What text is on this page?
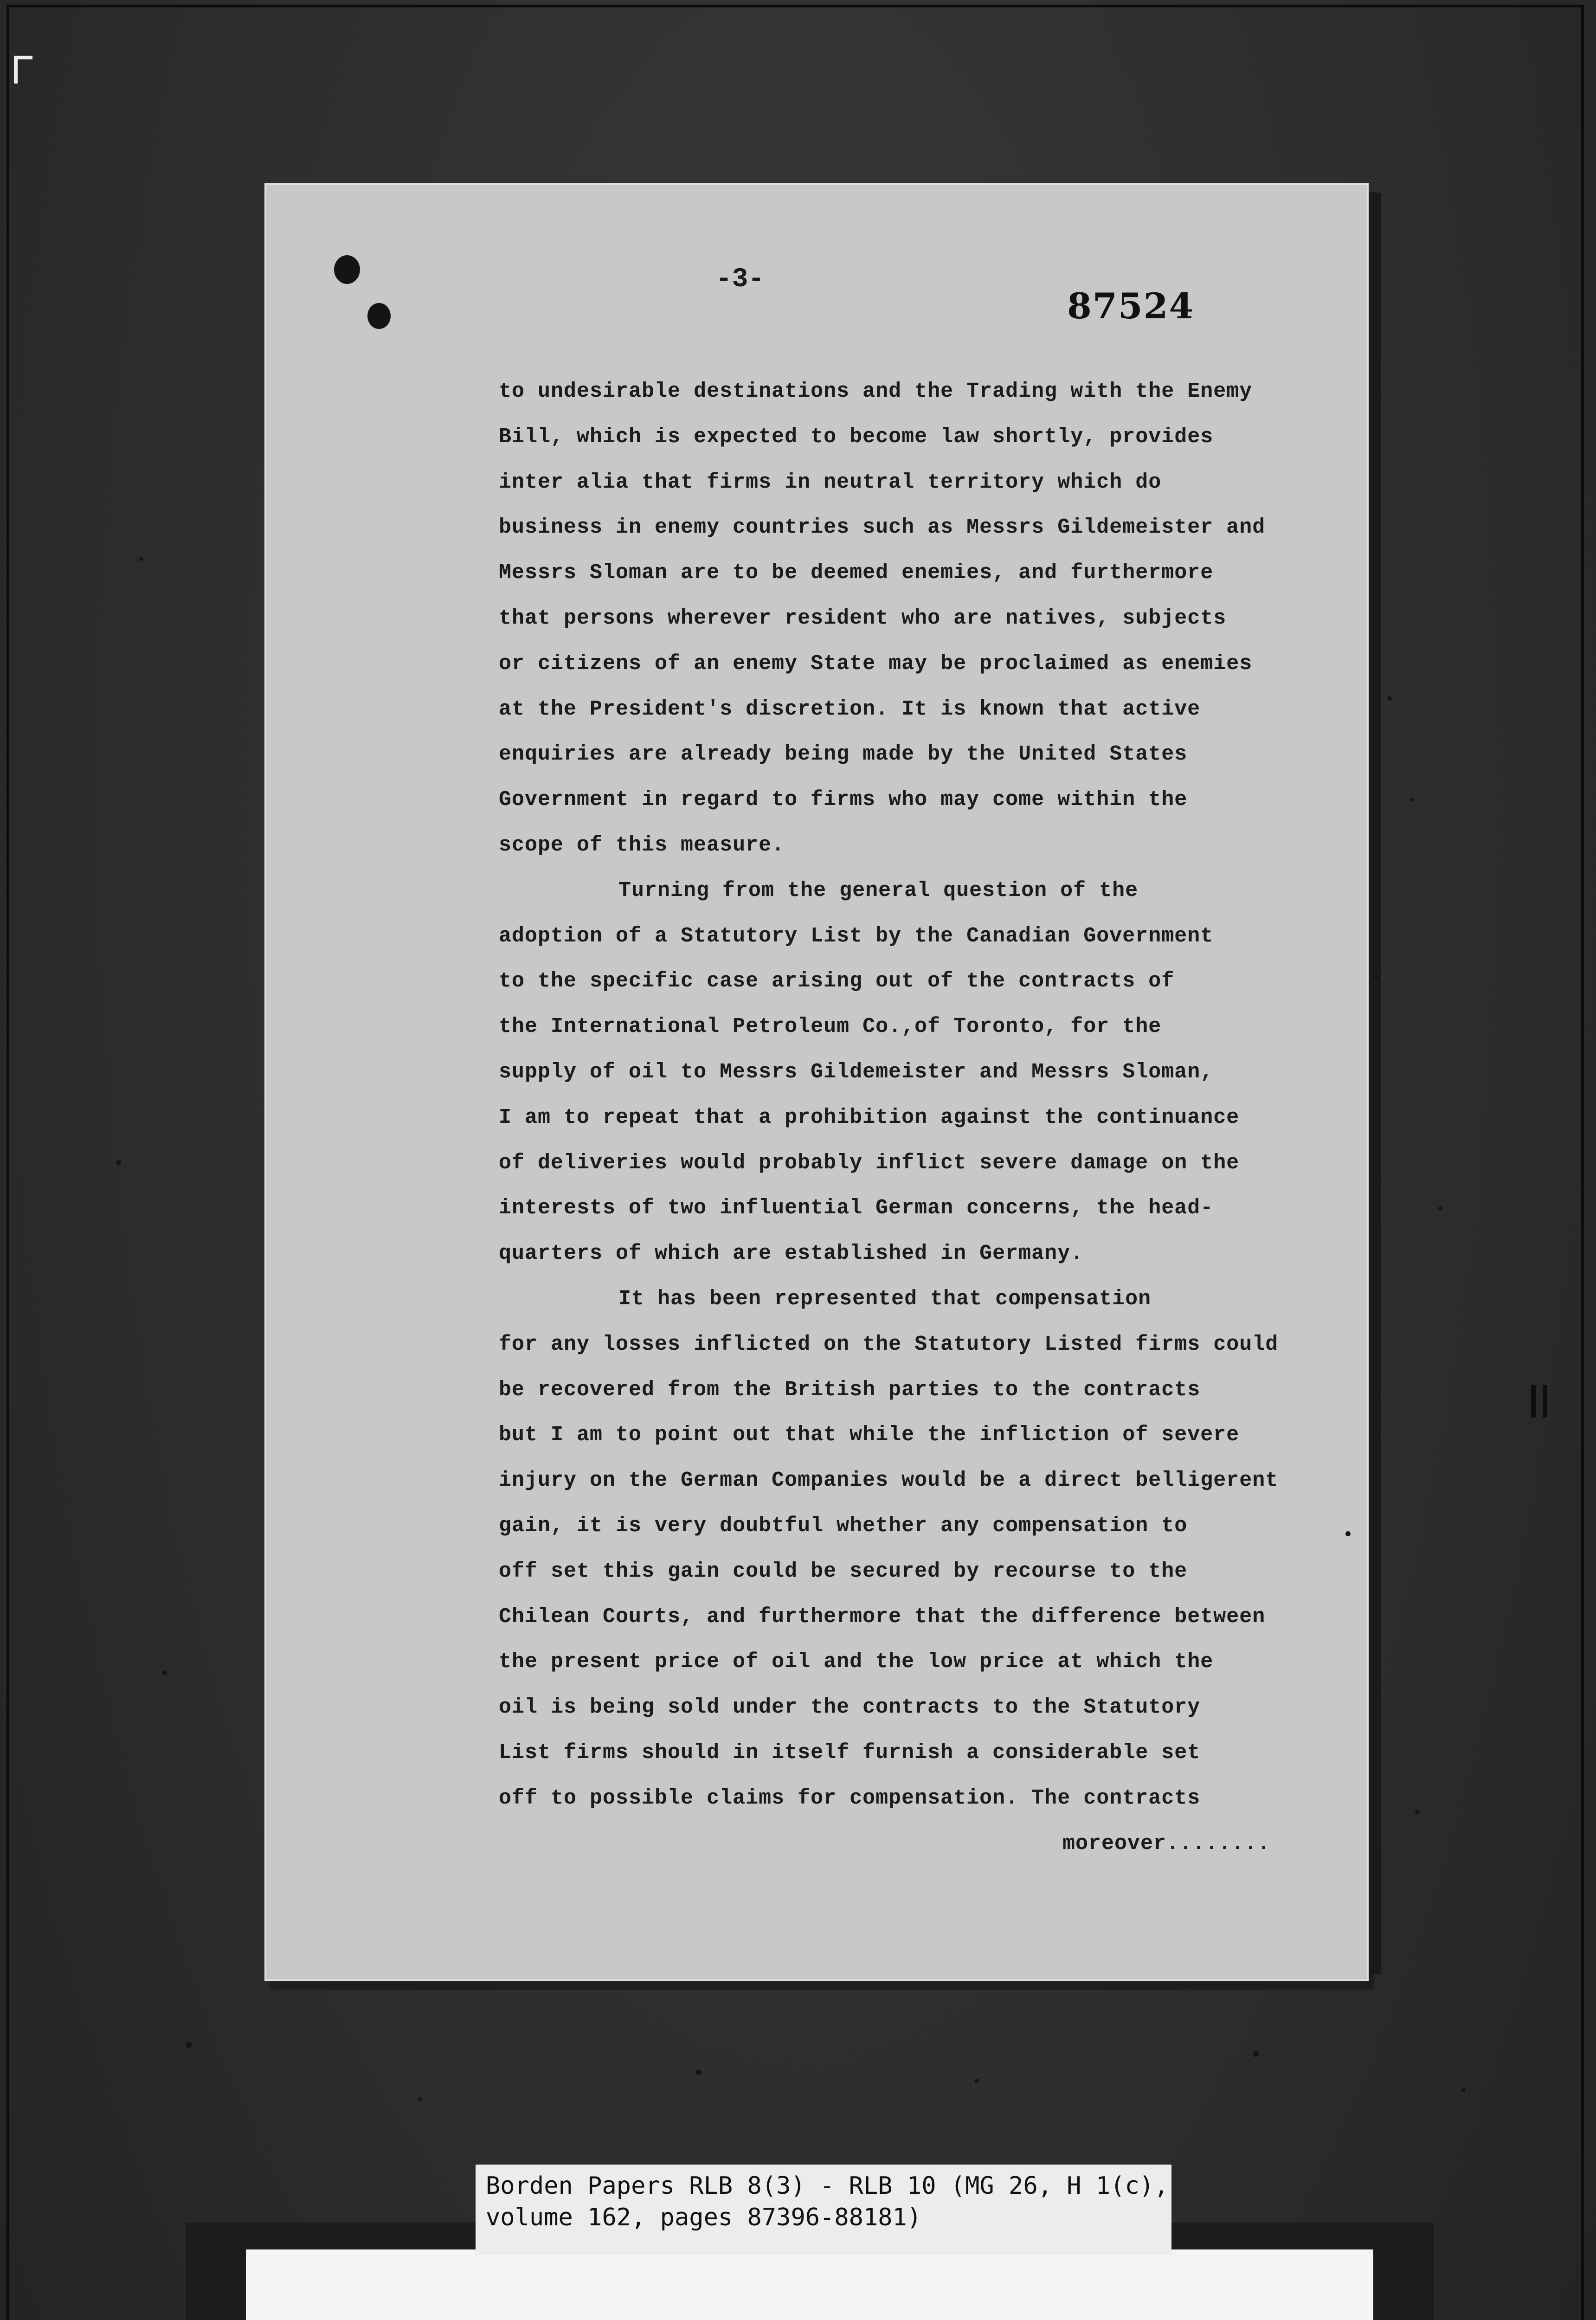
-3-
87524
to undesirable destinations and the Trading with the Enemy
Bill, which is expected to become law shortly, provides
inter alia that firms in neutral territory which do
business in enemy countries such as Messrs Gildemeister and
Messrs Sloman are to be deemed enemies, and furthermore
that persons wherever resident who are natives, subjects
or citizens of an enemy State may be proclaimed as enemies
at the President's discretion. It is known that active
enquiries are already being made by the United States
Government in regard to firms who may come within the
scope of this measure.
Turning from the general question of the
adoption of a Statutory List by the Canadian Government
to the specific case arising out of the contracts of
the International Petroleum Co.,of Toronto, for the
supply of oil to Messrs Gildemeister and Messrs Sloman,
I am to repeat that a prohibition against the continuance
of deliveries would probably inflict severe damage on the
interests of two influential German concerns, the head-
quarters of which are established in Germany.
It has been represented that compensation
for any losses inflicted on the Statutory Listed firms could
be recovered from the British parties to the contracts
but I am to point out that while the infliction of severe
injury on the German Companies would be a direct belligerent
gain, it is very doubtful whether any compensation to
off set this gain could be secured by recourse to the
Chilean Courts, and furthermore that the difference between
the present price of oil and the low price at which the
oil is being sold under the contracts to the Statutory
List firms should in itself furnish a considerable set
off to possible claims for compensation. The contracts
moreover........
Borden Papers RLB 8(3) - RLB 10 (MG 26, H 1(c),
volume 162, pages 87396-88181)
